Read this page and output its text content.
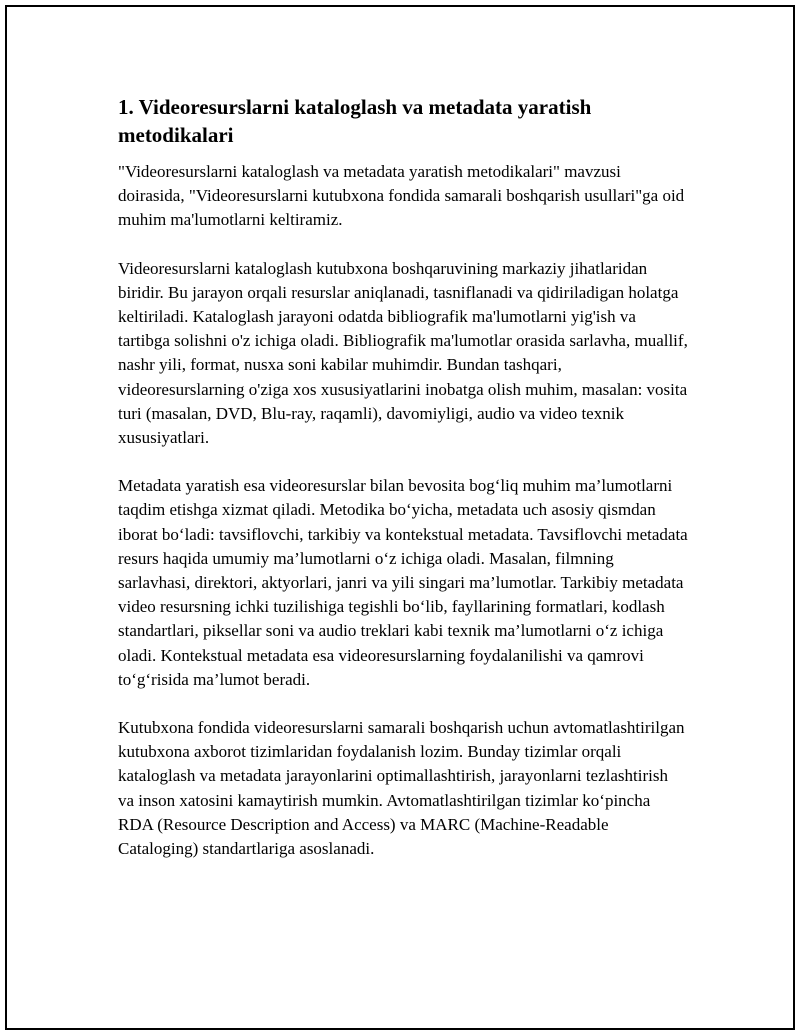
1. Videoresurslarni kataloglash va metadata yaratish metodikalari

"Videoresurslarni kataloglash va metadata yaratish metodikalari" mavzusi doirasida, "Videoresurslarni kutubxona fondida samarali boshqarish usullari"ga oid muhim ma'lumotlarni keltiramiz.

Videoresurslarni kataloglash kutubxona boshqaruvining markaziy jihatlaridan biridir. Bu jarayon orqali resurslar aniqlanadi, tasniflanadi va qidiriladigan holatga keltiriladi. Kataloglash jarayoni odatda bibliografik ma'lumotlarni yig'ish va tartibga solishni o'z ichiga oladi. Bibliografik ma'lumotlar orasida sarlavha, muallif, nashr yili, format, nusxa soni kabilar muhimdir. Bundan tashqari, videoresurslarning o'ziga xos xususiyatlarini inobatga olish muhim, masalan: vosita turi (masalan, DVD, Blu-ray, raqamli), davomiyligi, audio va video texnik xususiyatlari.

Metadata yaratish esa videoresurslar bilan bevosita bog‘liq muhim ma’lumotlarni taqdim etishga xizmat qiladi. Metodika bo‘yicha, metadata uch asosiy qismdan iborat bo‘ladi: tavsiflovchi, tarkibiy va kontekstual metadata. Tavsiflovchi metadata resurs haqida umumiy ma’lumotlarni o‘z ichiga oladi. Masalan, filmning sarlavhasi, direktori, aktyorlari, janri va yili singari ma’lumotlar. Tarkibiy metadata video resursning ichki tuzilishiga tegishli bo‘lib, fayllarining formatlari, kodlash standartlari, piksellar soni va audio treklari kabi texnik ma’lumotlarni o‘z ichiga oladi. Kontekstual metadata esa videoresurslarning foydalanilishi va qamrovi to‘g‘risida ma’lumot beradi.

Kutubxona fondida videoresurslarni samarali boshqarish uchun avtomatlashtirilgan kutubxona axborot tizimlaridan foydalanish lozim. Bunday tizimlar orqali kataloglash va metadata jarayonlarini optimallashtirish, jarayonlarni tezlashtirish va inson xatosini kamaytirish mumkin. Avtomatlashtirilgan tizimlar ko‘pincha RDA (Resource Description and Access) va MARC (Machine-Readable Cataloging) standartlariga asoslanadi.
